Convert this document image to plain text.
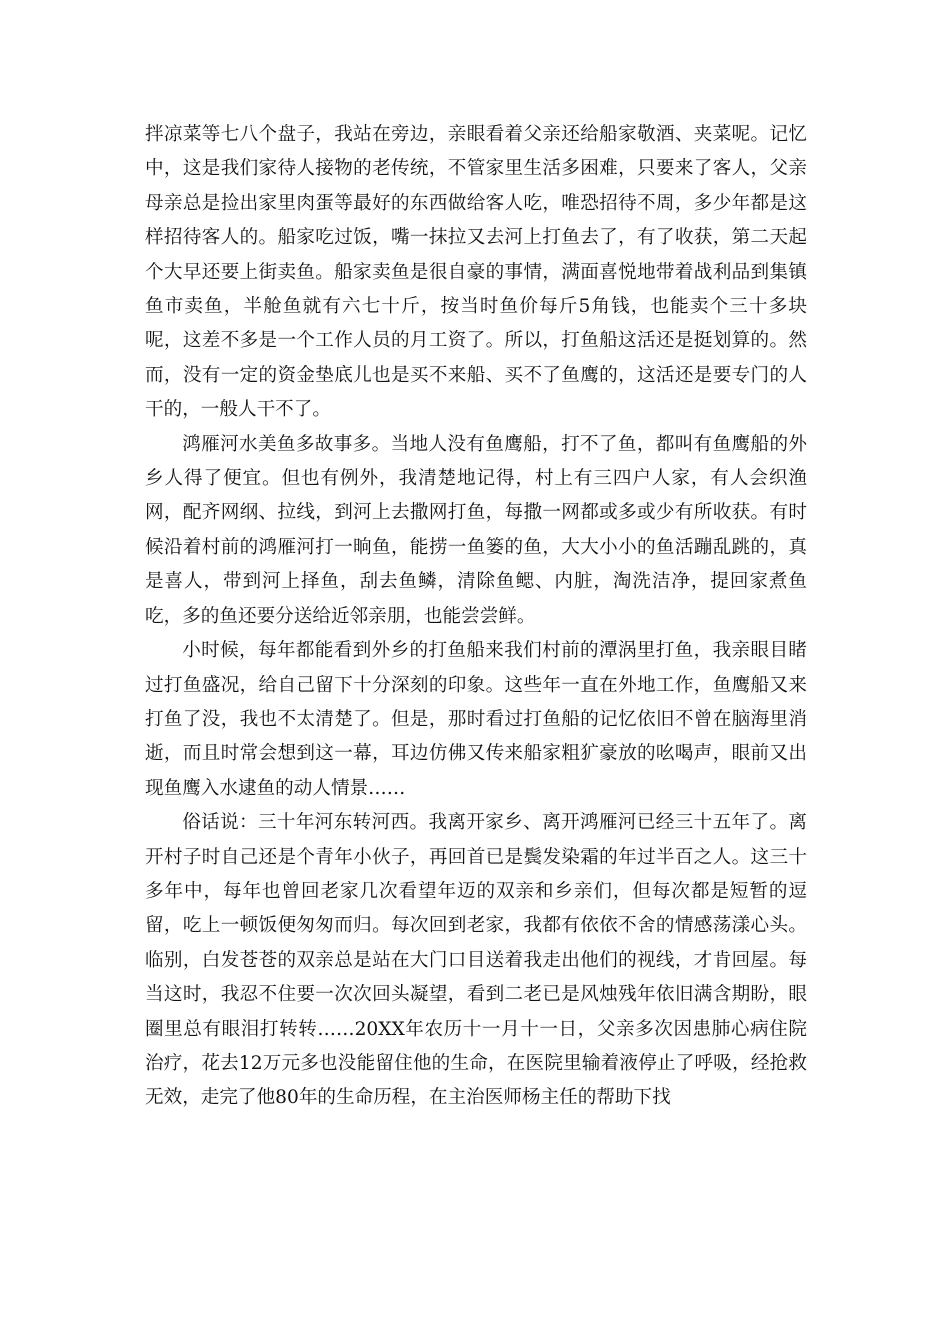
拌凉菜等七八个盘子，我站在旁边，亲眼看着父亲还给船家敬酒、夹菜呢。记忆中，这是我们家待人接物的老传统，不管家里生活多困难，只要来了客人，父亲母亲总是捡出家里肉蛋等最好的东西做给客人吃，唯恐招待不周，多少年都是这样招待客人的。船家吃过饭，嘴一抹拉又去河上打鱼去了，有了收获，第二天起个大早还要上街卖鱼。船家卖鱼是很自豪的事情，满面喜悦地带着战利品到集镇鱼市卖鱼，半舱鱼就有六七十斤，按当时鱼价每斤5角钱，也能卖个三十多块呢，这差不多是一个工作人员的月工资了。所以，打鱼船这活还是挺划算的。然而，没有一定的资金垫底儿也是买不来船、买不了鱼鹰的，这活还是要专门的人干的，一般人干不了。

鸿雁河水美鱼多故事多。当地人没有鱼鹰船，打不了鱼，都叫有鱼鹰船的外乡人得了便宜。但也有例外，我清楚地记得，村上有三四户人家，有人会织渔网，配齐网纲、拉线，到河上去撒网打鱼，每撒一网都或多或少有所收获。有时候沿着村前的鸿雁河打一晌鱼，能捞一鱼篓的鱼，大大小小的鱼活蹦乱跳的，真是喜人，带到河上择鱼，刮去鱼鳞，清除鱼鳃、内脏，淘洗洁净，提回家煮鱼吃，多的鱼还要分送给近邻亲朋，也能尝尝鲜。

小时候，每年都能看到外乡的打鱼船来我们村前的潭涡里打鱼，我亲眼目睹过打鱼盛况，给自己留下十分深刻的印象。这些年一直在外地工作，鱼鹰船又来打鱼了没，我也不太清楚了。但是，那时看过打鱼船的记忆依旧不曾在脑海里消逝，而且时常会想到这一幕，耳边仿佛又传来船家粗犷豪放的吆喝声，眼前又出现鱼鹰入水逮鱼的动人情景……

俗话说：三十年河东转河西。我离开家乡、离开鸿雁河已经三十五年了。离开村子时自己还是个青年小伙子，再回首已是鬓发染霜的年过半百之人。这三十多年中，每年也曾回老家几次看望年迈的双亲和乡亲们，但每次都是短暂的逗留，吃上一顿饭便匆匆而归。每次回到老家，我都有依依不舍的情感荡漾心头。临别，白发苍苍的双亲总是站在大门口目送着我走出他们的视线，才肯回屋。每当这时，我忍不住要一次次回头凝望，看到二老已是风烛残年依旧满含期盼，眼圈里总有眼泪打转转……20XX年农历十一月十一日，父亲多次因患肺心病住院治疗，花去12万元多也没能留住他的生命，在医院里输着液停止了呼吸，经抢救无效，走完了他80年的生命历程，在主治医师杨主任的帮助下找
